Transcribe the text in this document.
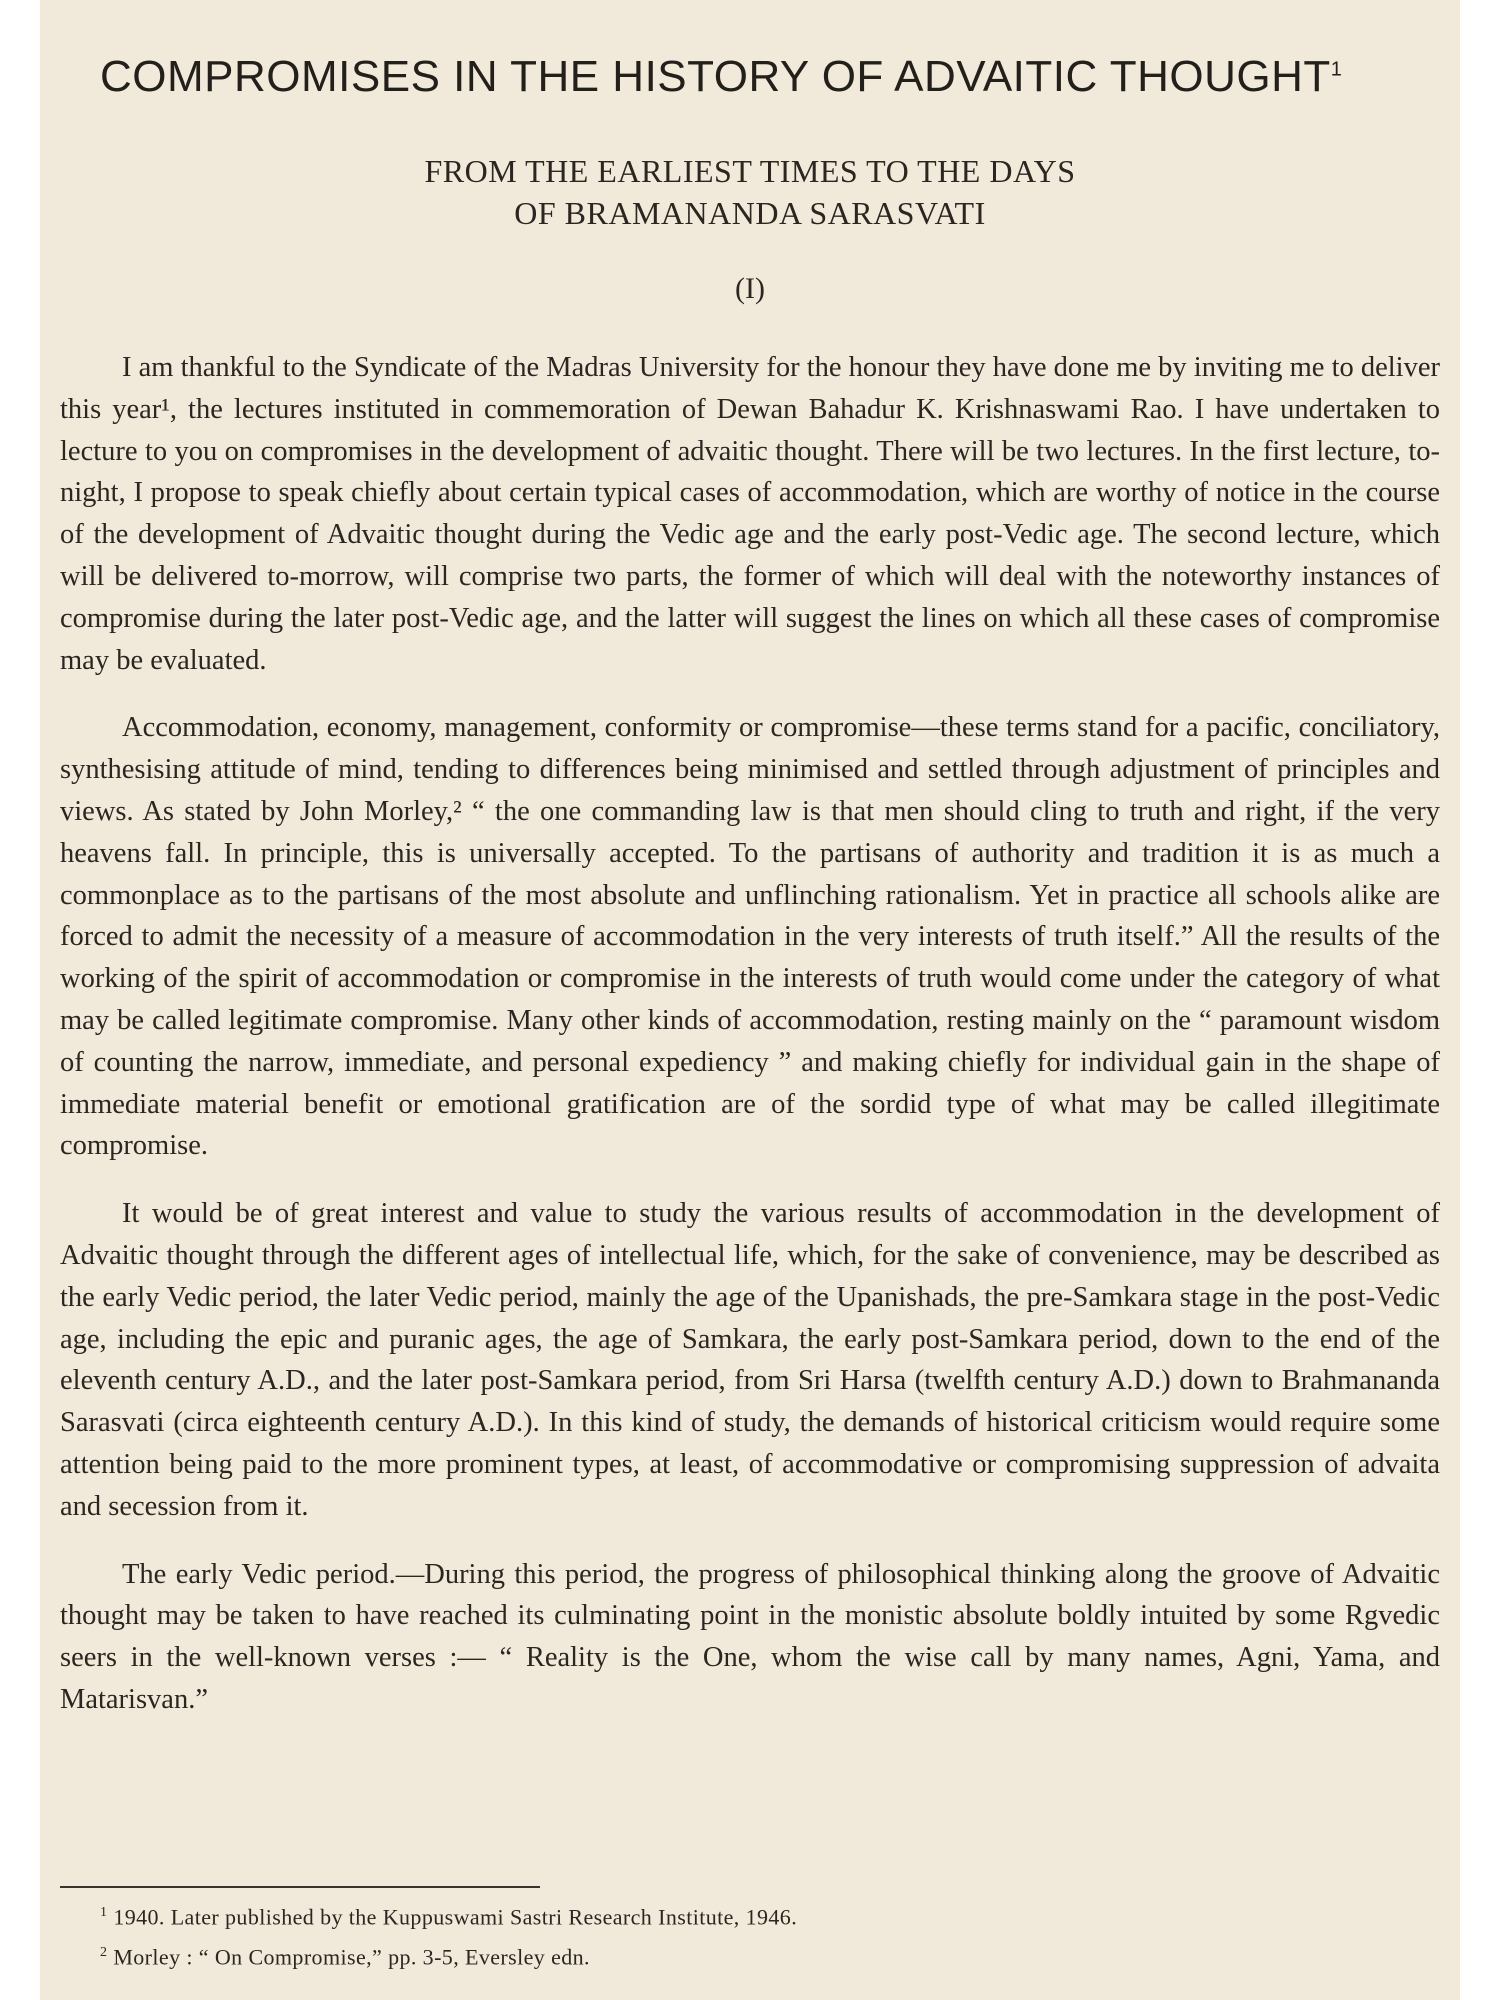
COMPROMISES IN THE HISTORY OF ADVAITIC THOUGHT$^1$
FROM THE EARLIEST TIMES TO THE DAYS
OF BRAMANANDA SARASVATI
(I)

I am thankful to the Syndicate of the Madras University for the honour they have done me by inviting me to deliver this year¹, the lectures instituted in commemoration of Dewan Bahadur K. Krishnaswami Rao. I have undertaken to lecture to you on compromises in the development of advaitic thought. There will be two lectures. In the first lecture, to-night, I propose to speak chiefly about certain typical cases of accommodation, which are worthy of notice in the course of the development of Advaitic thought during the Vedic age and the early post-Vedic age. The second lecture, which will be delivered to-morrow, will comprise two parts, the former of which will deal with the noteworthy instances of compromise during the later post-Vedic age, and the latter will suggest the lines on which all these cases of compromise may be evaluated.

Accommodation, economy, management, conformity or compromise—these terms stand for a pacific, conciliatory, synthesising attitude of mind, tending to differences being minimised and settled through adjustment of principles and views. As stated by John Morley,² “ the one commanding law is that men should cling to truth and right, if the very heavens fall. In principle, this is universally accepted. To the partisans of authority and tradition it is as much a commonplace as to the partisans of the most absolute and unflinching rationalism. Yet in practice all schools alike are forced to admit the necessity of a measure of accommodation in the very interests of truth itself.” All the results of the working of the spirit of accommodation or compromise in the interests of truth would come under the category of what may be called legitimate compromise. Many other kinds of accommodation, resting mainly on the “ paramount wisdom of counting the narrow, immediate, and personal expediency ” and making chiefly for individual gain in the shape of immediate material benefit or emotional gratification are of the sordid type of what may be called illegitimate compromise.

It would be of great interest and value to study the various results of accommodation in the development of Advaitic thought through the different ages of intellectual life, which, for the sake of convenience, may be described as the early Vedic period, the later Vedic period, mainly the age of the Upanishads, the pre-Samkara stage in the post-Vedic age, including the epic and puranic ages, the age of Samkara, the early post-Samkara period, down to the end of the eleventh century A.D., and the later post-Samkara period, from Sri Harsa (twelfth century A.D.) down to Brahmananda Sarasvati (circa eighteenth century A.D.). In this kind of study, the demands of historical criticism would require some attention being paid to the more prominent types, at least, of accommodative or compromising suppression of advaita and secession from it.

The early Vedic period.—During this period, the progress of philosophical thinking along the groove of Advaitic thought may be taken to have reached its culminating point in the monistic absolute boldly intuited by some Rgvedic seers in the well-known verses :— “ Reality is the One, whom the wise call by many names, Agni, Yama, and Matarisvan.”

$^1$ 1940. Later published by the Kuppuswami Sastri Research Institute, 1946.
$^2$ Morley : “ On Compromise,” pp. 3-5, Eversley edn.
